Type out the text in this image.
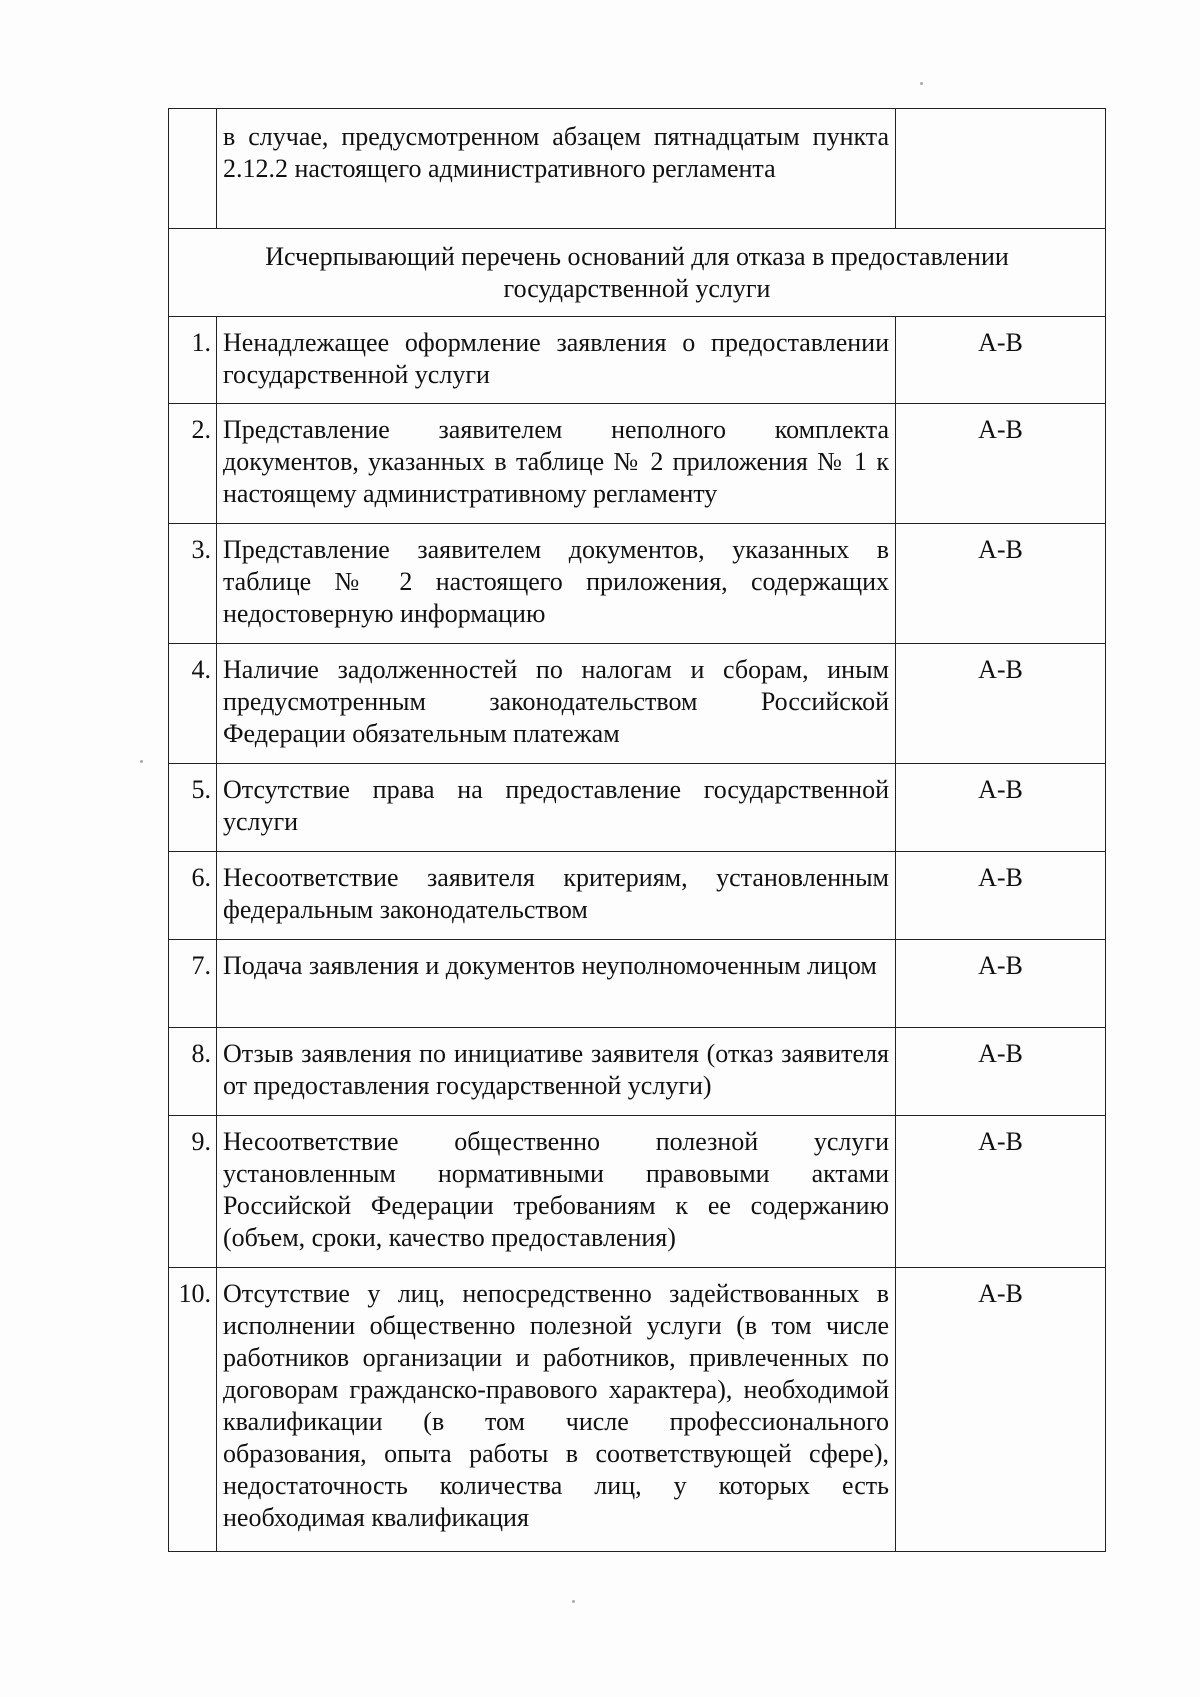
	в случае, предусмотренном абзацем пятнадцатым пункта 2.12.2 настоящего административного регламента	
Исчерпывающий перечень оснований для отказа в предоставлении государственной услуги		
1.	Ненадлежащее оформление заявления о предоставлении государственной услуги	А-В
2.	Представление заявителем неполного комплекта документов, указанных в таблице № 2 приложения № 1 к настоящему административному регламенту	А-В
3.	Представление заявителем документов, указанных в таблице № 2 настоящего приложения, содержащих недостоверную информацию	А-В
4.	Наличие задолженностей по налогам и сборам, иным предусмотренным законодательством Российской Федерации обязательным платежам	А-В
5.	Отсутствие права на предоставление государственной услуги	А-В
6.	Несоответствие заявителя критериям, установленным федеральным законодательством	А-В
7.	Подача заявления и документов неуполномоченным лицом	А-В
8.	Отзыв заявления по инициативе заявителя (отказ заявителя от предоставления государственной услуги)	А-В
9.	Несоответствие общественно полезной услуги установленным нормативными правовыми актами Российской Федерации требованиям к ее содержанию (объем, сроки, качество предоставления)	А-В
10.	Отсутствие у лиц, непосредственно задействованных в исполнении общественно полезной услуги (в том числе работников организации и работников, привлеченных по договорам гражданско-правового характера), необходимой квалификации (в том числе профессионального образования, опыта работы в соответствующей сфере), недостаточность количества лиц, у которых есть необходимая квалификация	А-В
